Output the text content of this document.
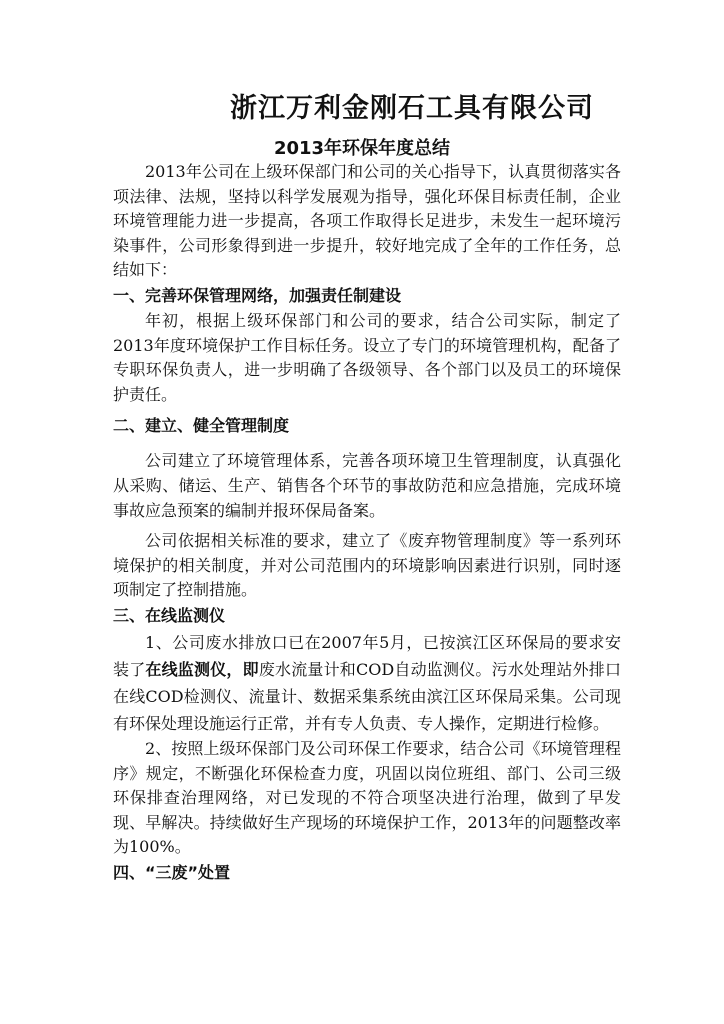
浙江万利金刚石工具有限公司
2013年环保年度总结

2013年公司在上级环保部门和公司的关心指导下，认真贯彻落实各项法律、法规，坚持以科学发展观为指导，强化环保目标责任制，企业环境管理能力进一步提高，各项工作取得长足进步，未发生一起环境污染事件，公司形象得到进一步提升，较好地完成了全年的工作任务，总结如下：

一、完善环保管理网络，加强责任制建设

年初，根据上级环保部门和公司的要求，结合公司实际，制定了2013年度环境保护工作目标任务。设立了专门的环境管理机构，配备了专职环保负责人，进一步明确了各级领导、各个部门以及员工的环境保护责任。

二、建立、健全管理制度

公司建立了环境管理体系，完善各项环境卫生管理制度，认真强化从采购、储运、生产、销售各个环节的事故防范和应急措施，完成环境事故应急预案的编制并报环保局备案。

公司依据相关标准的要求，建立了《废弃物管理制度》等一系列环境保护的相关制度，并对公司范围内的环境影响因素进行识别，同时逐项制定了控制措施。

三、在线监测仪

1、公司废水排放口已在2007年5月，已按滨江区环保局的要求安装了在线监测仪，即废水流量计和COD自动监测仪。污水处理站外排口在线COD检测仪、流量计、数据采集系统由滨江区环保局采集。公司现有环保处理设施运行正常，并有专人负责、专人操作，定期进行检修。

2、按照上级环保部门及公司环保工作要求，结合公司《环境管理程序》规定，不断强化环保检查力度，巩固以岗位班组、部门、公司三级环保排查治理网络，对已发现的不符合项坚决进行治理，做到了早发现、早解决。持续做好生产现场的环境保护工作，2013年的问题整改率为100%。

四、“三废”处置
